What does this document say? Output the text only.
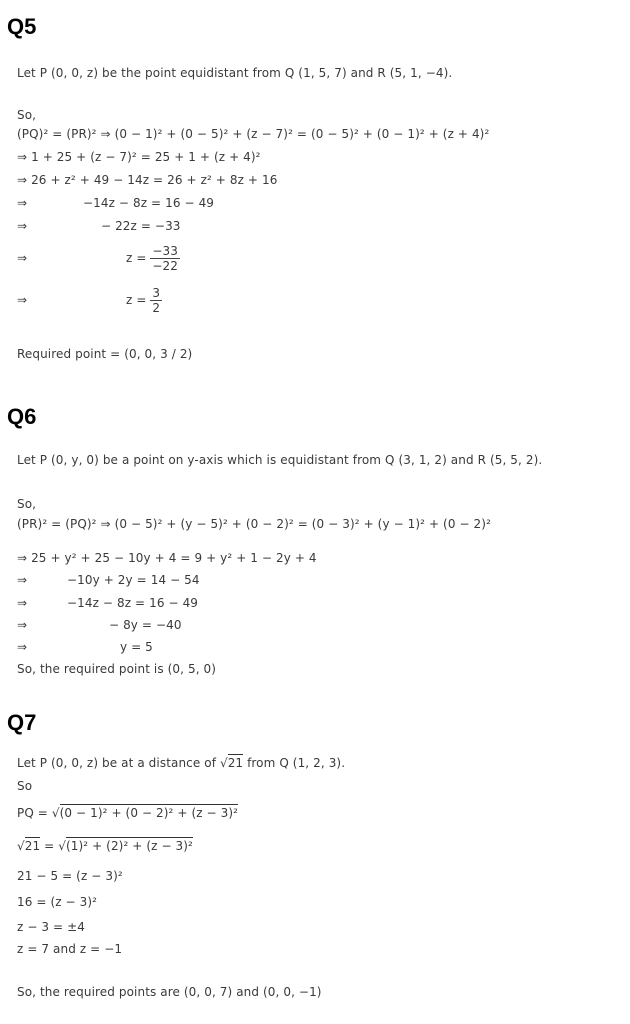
Q5
Let P (0, 0, z) be the point equidistant from Q (1, 5, 7) and R (5, 1, −4).
So,
(PQ)² = (PR)² ⇒ (0 − 1)² + (0 − 5)² + (z − 7)² = (0 − 5)² + (0 − 1)² + (z + 4)²
⇒ 1 + 25 + (z − 7)² = 25 + 1 + (z + 4)²
⇒ 26 + z² + 49 − 14z = 26 + z² + 8z + 16
⇒	−14z − 8z = 16 − 49
⇒	− 22z = −33
⇒	$z = \frac{-33}{-22}$
⇒	$z = \frac{3}{2}$
Required point = (0, 0, 3 / 2)
Q6
Let P (0, y, 0) be a point on y-axis which is equidistant from Q (3, 1, 2) and R (5, 5, 2).
So,
(PR)² = (PQ)² ⇒ (0 − 5)² + (y − 5)² + (0 − 2)² = (0 − 3)² + (y − 1)² + (0 − 2)²
⇒ 25 + y² + 25 − 10y + 4 = 9 + y² + 1 − 2y + 4
⇒	−10y + 2y = 14 − 54
⇒	−14z − 8z = 16 − 49
⇒	− 8y = −40
⇒	y = 5
So, the required point is (0, 5, 0)
Q7
Let P (0, 0, z) be at a distance of √21 from Q (1, 2, 3).
So
PQ = √(0 − 1)² + (0 − 2)² + (z − 3)²
√21 = √(1)² + (2)² + (z − 3)²
21 − 5 = (z − 3)²
16 = (z − 3)²
z − 3 = ±4
z = 7 and z = −1
So, the required points are (0, 0, 7) and (0, 0, −1)
